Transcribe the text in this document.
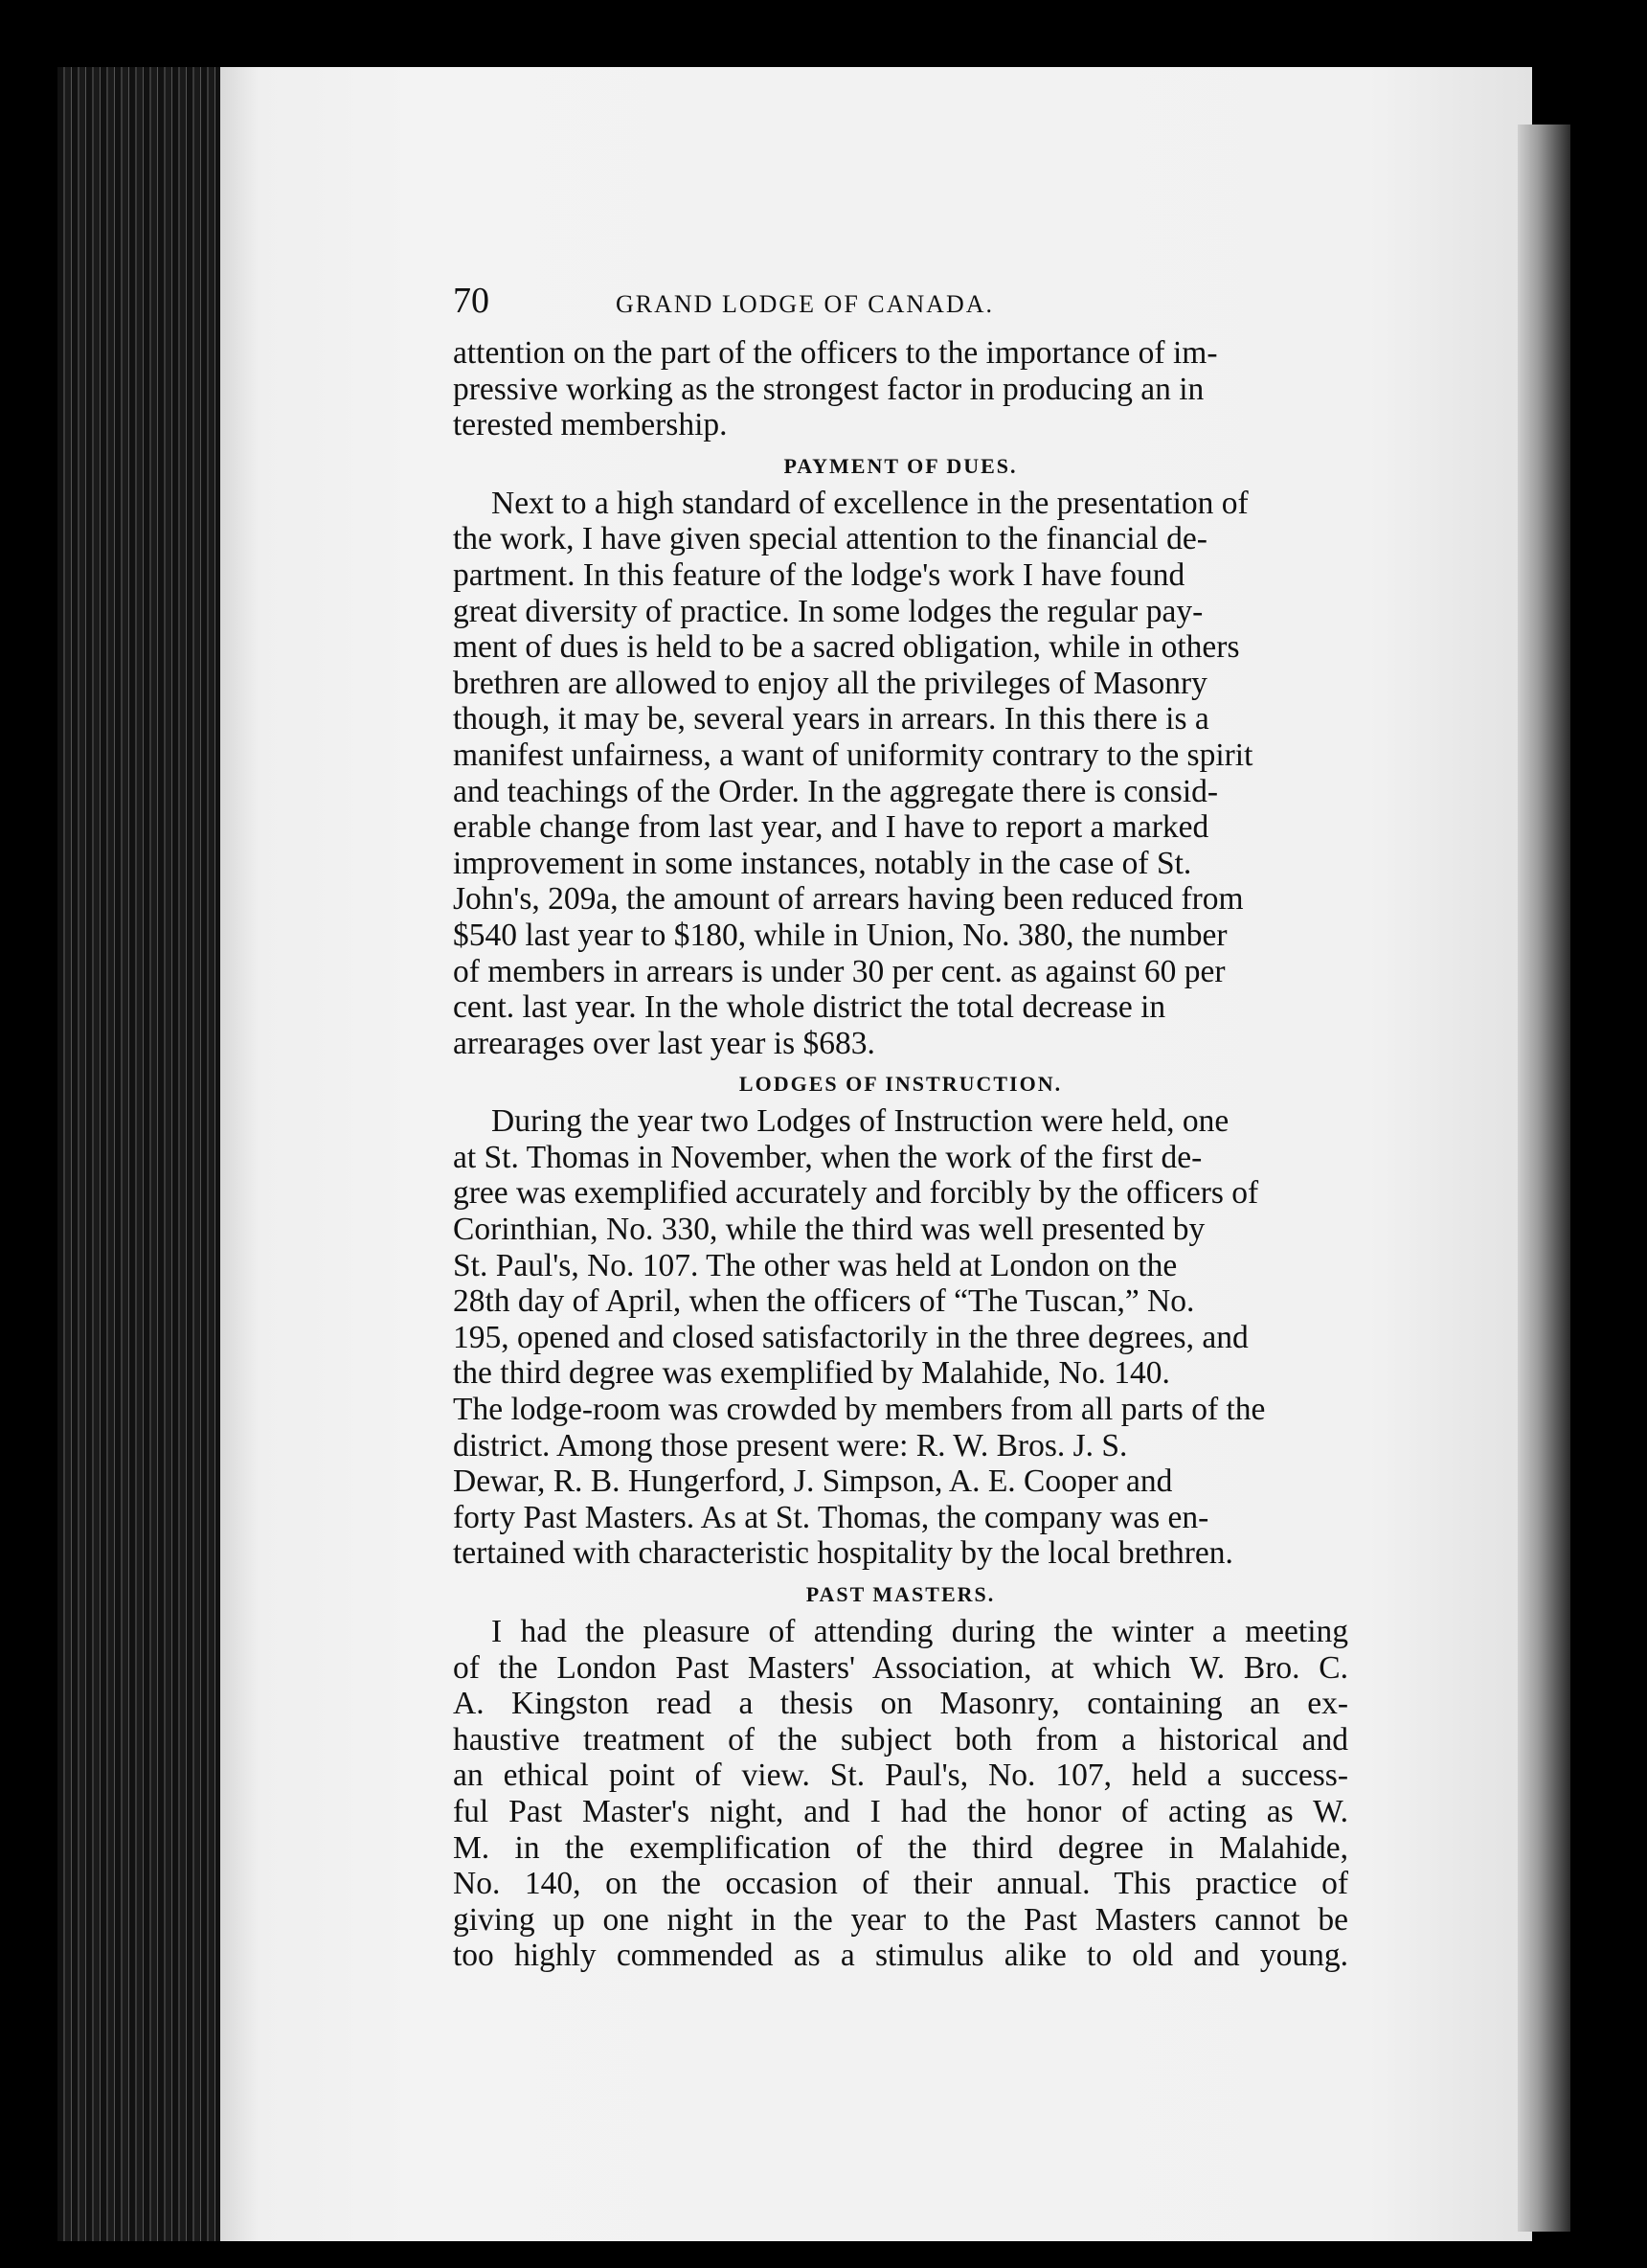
70	GRAND LODGE OF CANADA.

attention on the part of the officers to the importance of im-
pressive working as the strongest factor in producing an in
terested membership.

PAYMENT OF DUES.

Next to a high standard of excellence in the presentation of
the work, I have given special attention to the financial de-
partment. In this feature of the lodge's work I have found
great diversity of practice. In some lodges the regular pay-
ment of dues is held to be a sacred obligation, while in others
brethren are allowed to enjoy all the privileges of Masonry
though, it may be, several years in arrears. In this there is a
manifest unfairness, a want of uniformity contrary to the spirit
and teachings of the Order. In the aggregate there is consid-
erable change from last year, and I have to report a marked
improvement in some instances, notably in the case of St.
John's, 209a, the amount of arrears having been reduced from
$540 last year to $180, while in Union, No. 380, the number
of members in arrears is under 30 per cent. as against 60 per
cent. last year. In the whole district the total decrease in
arrearages over last year is $683.

LODGES OF INSTRUCTION.

During the year two Lodges of Instruction were held, one
at St. Thomas in November, when the work of the first de-
gree was exemplified accurately and forcibly by the officers of
Corinthian, No. 330, while the third was well presented by
St. Paul's, No. 107. The other was held at London on the
28th day of April, when the officers of “The Tuscan,” No.
195, opened and closed satisfactorily in the three degrees, and
the third degree was exemplified by Malahide, No. 140.
The lodge-room was crowded by members from all parts of the
district. Among those present were: R. W. Bros. J. S.
Dewar, R. B. Hungerford, J. Simpson, A. E. Cooper and
forty Past Masters. As at St. Thomas, the company was en-
tertained with characteristic hospitality by the local brethren.

PAST MASTERS.

I had the pleasure of attending during the winter a meeting
of the London Past Masters' Association, at which W. Bro. C.
A. Kingston read a thesis on Masonry, containing an ex-
haustive treatment of the subject both from a historical and
an ethical point of view. St. Paul's, No. 107, held a success-
ful Past Master's night, and I had the honor of acting as W.
M. in the exemplification of the third degree in Malahide,
No. 140, on the occasion of their annual. This practice of
giving up one night in the year to the Past Masters cannot be
too highly commended as a stimulus alike to old and young.
